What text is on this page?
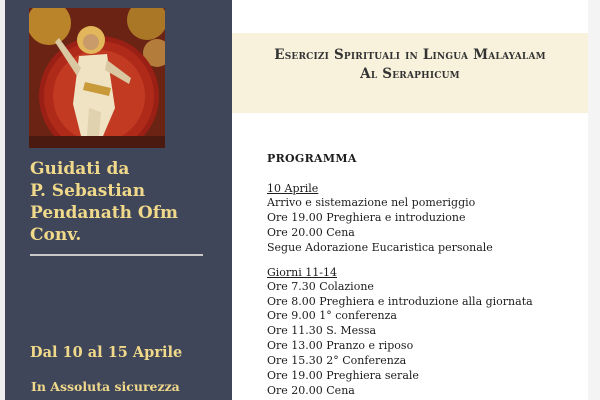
Guidati da
P. Sebastian
Pendanath Ofm
Conv.
Dal 10 al 15 Aprile
In Assoluta sicurezza
Esercizi Spirituali in Lingua Malayalam
Al Seraphicum
PROGRAMMA
10 Aprile
Arrivo e sistemazione nel pomeriggio
Ore 19.00 Preghiera e introduzione
Ore 20.00 Cena
Segue Adorazione Eucaristica personale
Giorni 11-14
Ore 7.30 Colazione
Ore 8.00 Preghiera e introduzione alla giornata
Ore 9.00 1° conferenza
Ore 11.30 S. Messa
Ore 13.00 Pranzo e riposo
Ore 15.30 2° Conferenza
Ore 19.00 Preghiera serale
Ore 20.00 Cena
